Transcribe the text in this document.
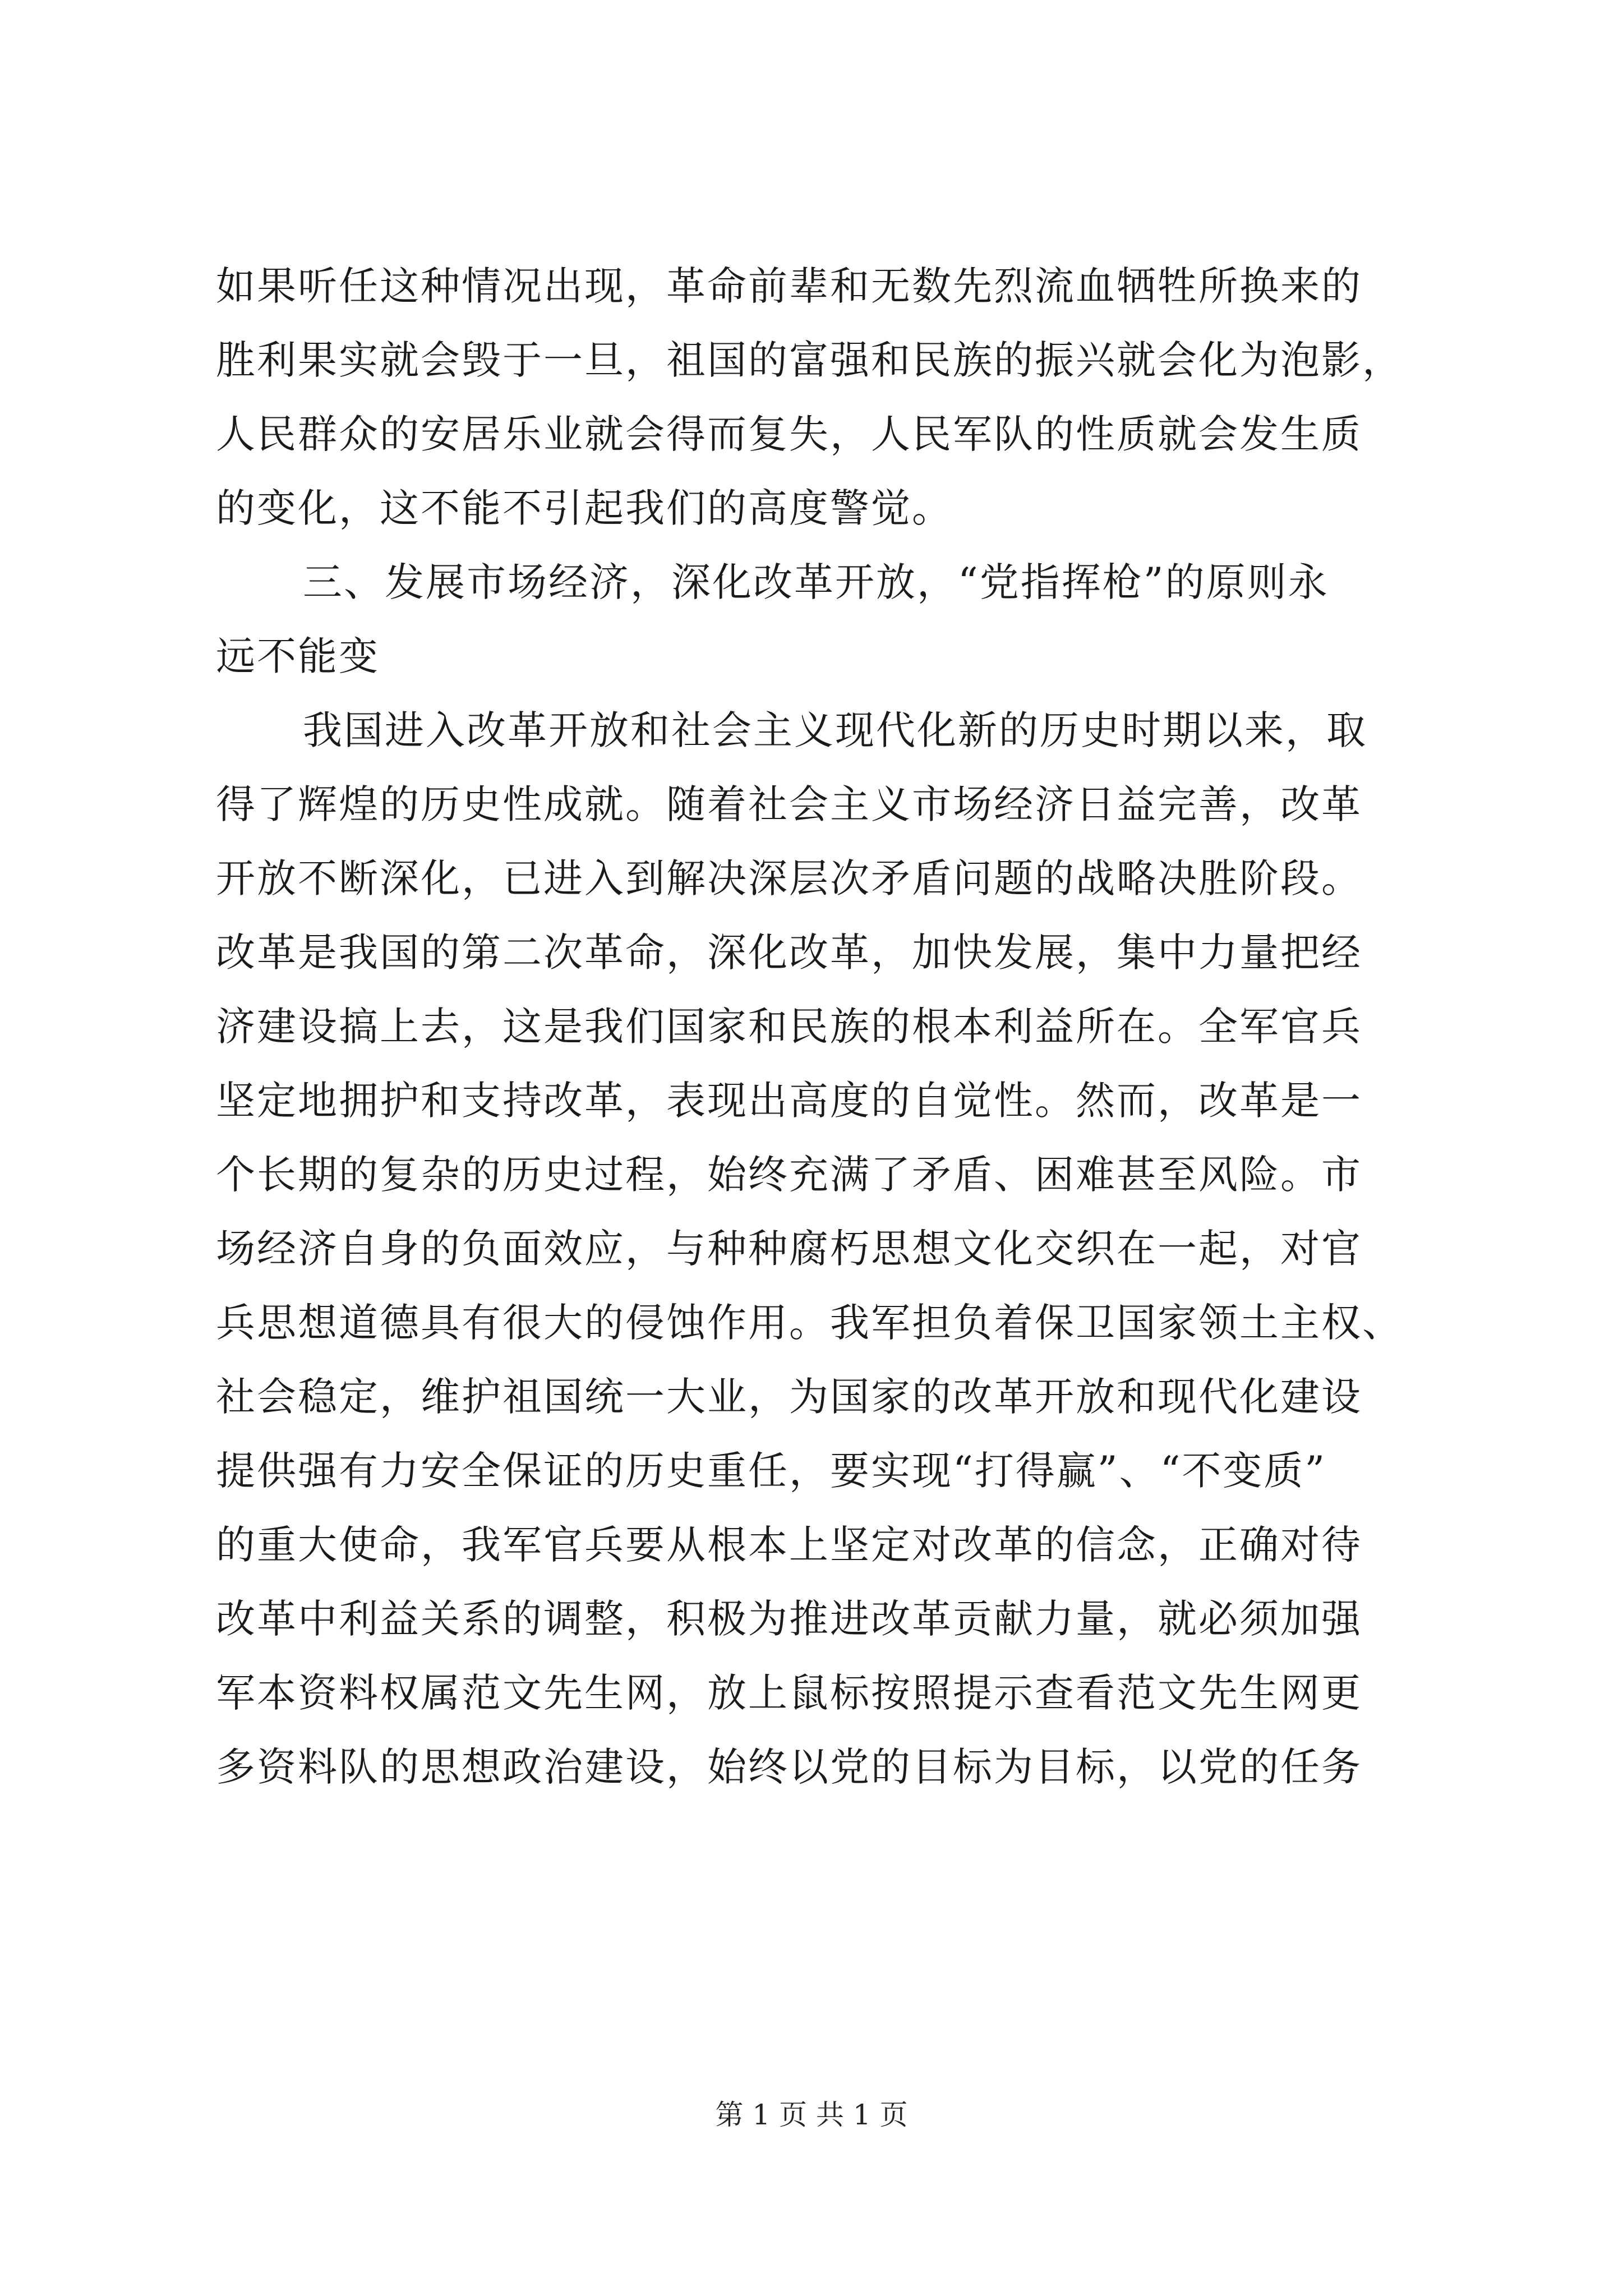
如果听任这种情况出现，革命前辈和无数先烈流血牺牲所换来的
胜利果实就会毁于一旦，祖国的富强和民族的振兴就会化为泡影，
人民群众的安居乐业就会得而复失，人民军队的性质就会发生质
的变化，这不能不引起我们的高度警觉。
三、发展市场经济，深化改革开放，“党指挥枪”的原则永
远不能变
我国进入改革开放和社会主义现代化新的历史时期以来，取
得了辉煌的历史性成就。随着社会主义市场经济日益完善，改革
开放不断深化，已进入到解决深层次矛盾问题的战略决胜阶段。
改革是我国的第二次革命，深化改革，加快发展，集中力量把经
济建设搞上去，这是我们国家和民族的根本利益所在。全军官兵
坚定地拥护和支持改革，表现出高度的自觉性。然而，改革是一
个长期的复杂的历史过程，始终充满了矛盾、困难甚至风险。市
场经济自身的负面效应，与种种腐朽思想文化交织在一起，对官
兵思想道德具有很大的侵蚀作用。我军担负着保卫国家领土主权、
社会稳定，维护祖国统一大业，为国家的改革开放和现代化建设
提供强有力安全保证的历史重任，要实现“打得赢”、“不变质”
的重大使命，我军官兵要从根本上坚定对改革的信念，正确对待
改革中利益关系的调整，积极为推进改革贡献力量，就必须加强
军本资料权属范文先生网，放上鼠标按照提示查看范文先生网更
多资料队的思想政治建设，始终以党的目标为目标，以党的任务
第 1 页 共 1 页
